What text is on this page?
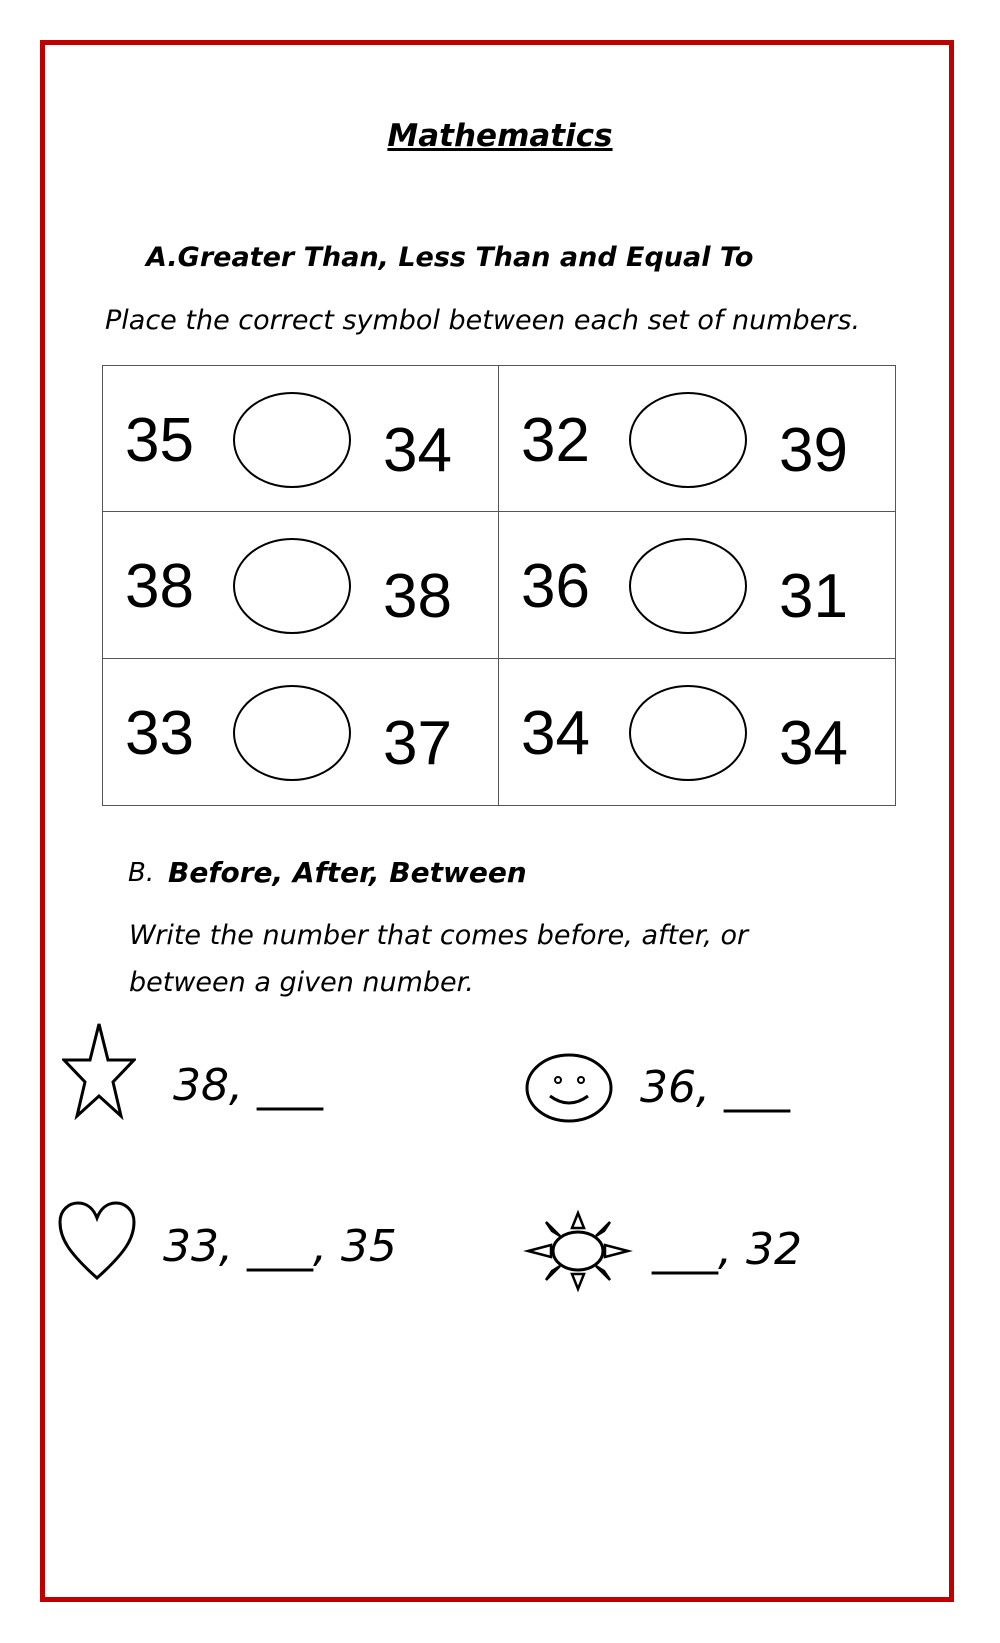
Mathematics
A.Greater Than, Less Than and Equal To
Place the correct symbol between each set of numbers.
35	34 32	39
38	38 36	31
33	37 34	34
B. Before, After, Between
Write the number that comes before, after, or between a given number.
38, ___	36, ___
33, ___, 35	___, 32
